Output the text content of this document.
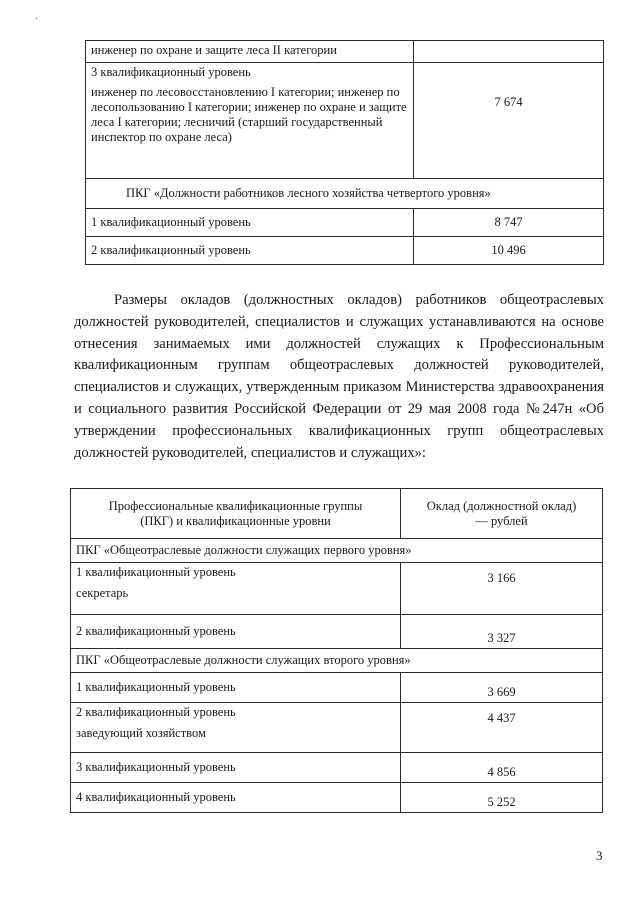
·
инженер по охране и защите леса II категории	

3 квалификационный уровень
инженер по лесовосстановлению I категории; инженер по лесопользованию I категории; инженер по охране и защите леса I категории; лесничий (старший государственный инспектор по охране леса)	7 674
ПКГ «Должности работников лесного хозяйства четвертого уровня»	
1 квалификационный уровень	8 747
2 квалификационный уровень	10 496

Размеры окладов (должностных окладов) работников общеотраслевых должностей руководителей, специалистов и служащих устанавливаются на основе отнесения занимаемых ими должностей служащих к Профессиональным квалификационным группам общеотраслевых должностей руководителей, специалистов и служащих, утвержденным приказом Министерства здравоохранения и социального развития Российской Федерации от 29 мая 2008 года №247н «Об утверждении профессиональных квалификационных групп общеотраслевых должностей руководителей, специалистов и служащих»:

Профессиональные квалификационные группы (ПКГ) и квалификационные уровни	Оклад (должностной оклад) — рублей
ПКГ «Общеотраслевые должности служащих первого уровня»	

1 квалификационный уровень
секретарь	3 166
2 квалификационный уровень	3 327
ПКГ «Общеотраслевые должности служащих второго уровня»	
1 квалификационный уровень	3 669

2 квалификационный уровень
заведующий хозяйством	4 437
3 квалификационный уровень	4 856
4 квалификационный уровень	5 252
3
